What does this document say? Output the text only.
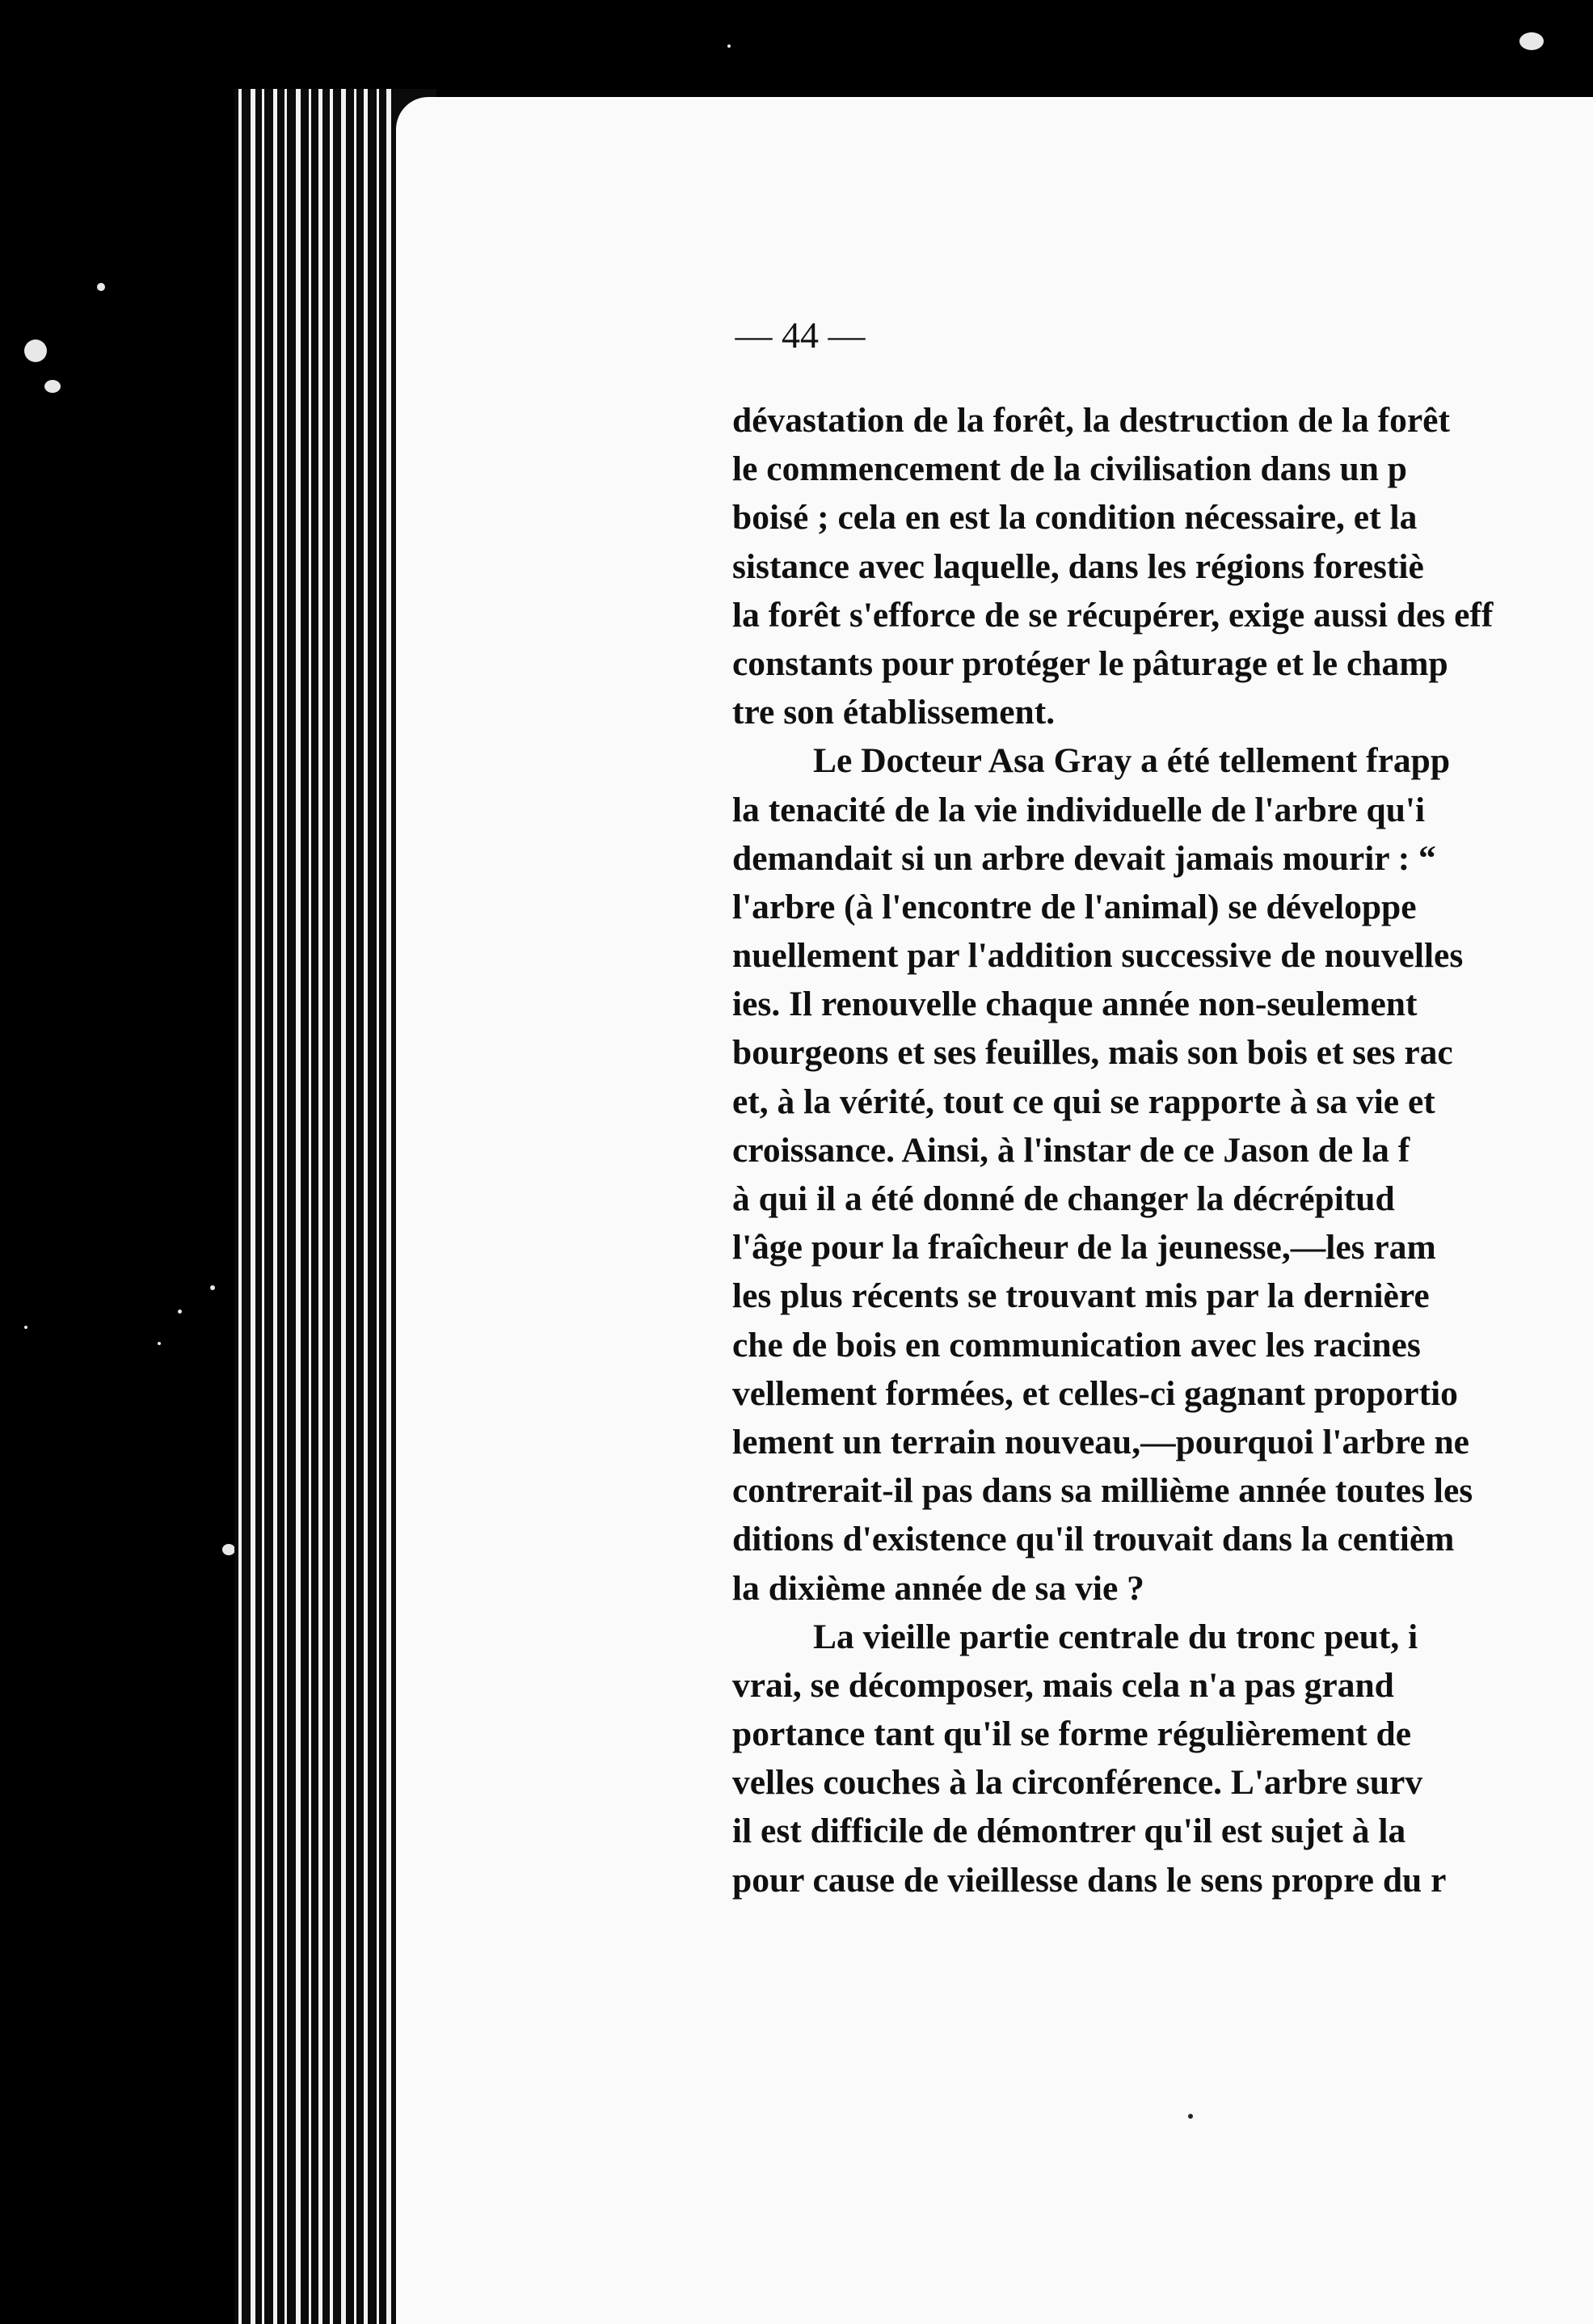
— 44 —
dévastation de la forêt, la destruction de la forêt
le commencement de la civilisation dans un p
boisé ; cela en est la condition nécessaire, et la
sistance avec laquelle, dans les régions forestiè
la forêt s'efforce de se récupérer, exige aussi des eff
constants pour protéger le pâturage et le champ
tre son établissement.
Le Docteur Asa Gray a été tellement frapp
la tenacité de la vie individuelle de l'arbre qu'i
demandait si un arbre devait jamais mourir : “
l'arbre (à l'encontre de l'animal) se développe
nuellement par l'addition successive de nouvelles
ies. Il renouvelle chaque année non-seulement
bourgeons et ses feuilles, mais son bois et ses rac
et, à la vérité, tout ce qui se rapporte à sa vie et
croissance. Ainsi, à l'instar de ce Jason de la f
à qui il a été donné de changer la décrépitud
l'âge pour la fraîcheur de la jeunesse,—les ram
les plus récents se trouvant mis par la dernière
che de bois en communication avec les racines
vellement formées, et celles-ci gagnant proportio
lement un terrain nouveau,—pourquoi l'arbre ne
contrerait-il pas dans sa millième année toutes les
ditions d'existence qu'il trouvait dans la centièm
la dixième année de sa vie ?
La vieille partie centrale du tronc peut, i
vrai, se décomposer, mais cela n'a pas grand
portance tant qu'il se forme régulièrement de
velles couches à la circonférence. L'arbre surv
il est difficile de démontrer qu'il est sujet à la
pour cause de vieillesse dans le sens propre du r
